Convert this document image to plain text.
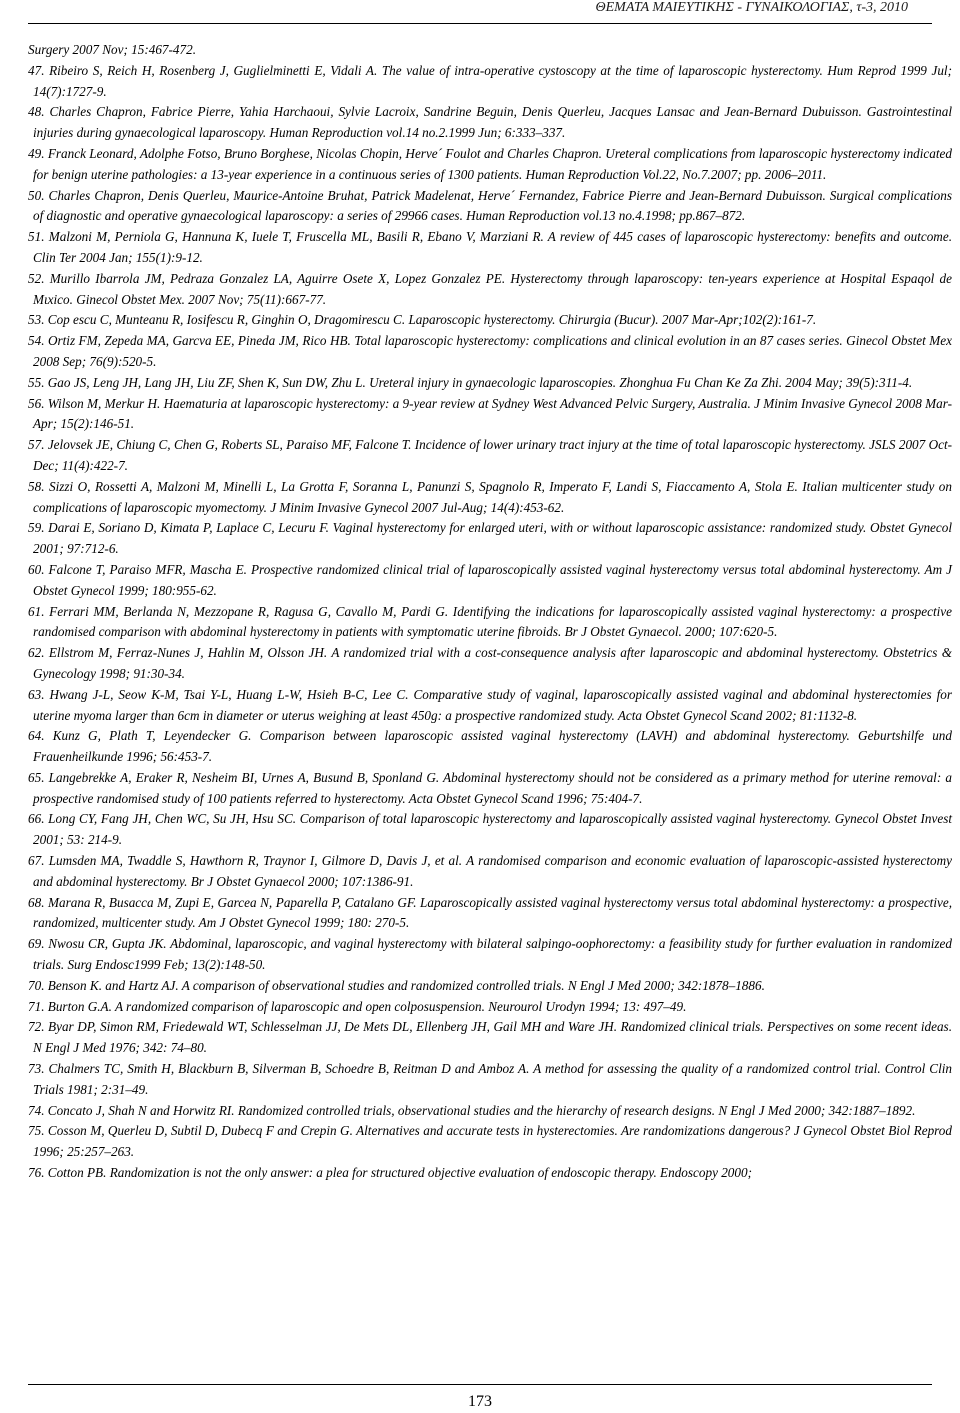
ΘΕΜΑΤΑ ΜΑΙΕΥΤΙΚΗΣ - ΓΥΝΑΙΚΟΛΟΓΙΑΣ, τ-3, 2010

Surgery 2007 Nov; 15:467-472.

47. Ribeiro S, Reich H, Rosenberg J, Guglielminetti E, Vidali A. The value of intra-operative cystoscopy at the time of laparoscopic hysterectomy. Hum Reprod 1999 Jul; 14(7):1727-9.

48. Charles Chapron, Fabrice Pierre, Yahia Harchaoui, Sylvie Lacroix, Sandrine Beguin, Denis Querleu, Jacques Lansac and Jean-Bernard Dubuisson. Gastrointestinal injuries during gynaecological laparoscopy. Human Reproduction vol.14 no.2.1999 Jun; 6:333–337.

49. Franck Leonard, Adolphe Fotso, Bruno Borghese, Nicolas Chopin, Herve´ Foulot and Charles Chapron. Ureteral complications from laparoscopic hysterectomy indicated for benign uterine pathologies: a 13-year experience in a continuous series of 1300 patients. Human Reproduction Vol.22, No.7.2007; pp. 2006–2011.

50. Charles Chapron, Denis Querleu, Maurice-Antoine Bruhat, Patrick Madelenat, Herve´ Fernandez, Fabrice Pierre and Jean-Bernard Dubuisson. Surgical complications of diagnostic and operative gynaecological laparoscopy: a series of 29966 cases. Human Reproduction vol.13 no.4.1998; pp.867–872.

51. Malzoni M, Perniola G, Hannuna K, Iuele T, Fruscella ML, Basili R, Ebano V, Marziani R. A review of 445 cases of laparoscopic hysterectomy: benefits and outcome. Clin Ter 2004 Jan; 155(1):9-12.

52. Murillo Ibarrola JM, Pedraza Gonzalez LA, Aguirre Osete X, Lopez Gonzalez PE. Hysterectomy through laparoscopy: ten-years experience at Hospital Espaqol de Mιxico. Ginecol Obstet Mex. 2007 Nov; 75(11):667-77.

53. Cop esсu C, Munteanu R, Iosifescu R, Ginghin O, Dragomirescu C. Laparoscopic hysterectomy. Chirurgia (Bucur). 2007 Mar-Apr;102(2):161-7.

54. Ortiz FM, Zepeda MA, Garcνa EE, Pineda JM, Rico HB. Total laparoscopic hysterectomy: complications and clinical evolution in an 87 cases series. Ginecol Obstet Mex 2008 Sep; 76(9):520-5.

55. Gao JS, Leng JH, Lang JH, Liu ZF, Shen K, Sun DW, Zhu L. Ureteral injury in gynaecologic laparoscopies. Zhonghua Fu Chan Ke Za Zhi. 2004 May; 39(5):311-4.

56. Wilson M, Merkur H. Haematuria at laparoscopic hysterectomy: a 9-year review at Sydney West Advanced Pelvic Surgery, Australia. J Minim Invasive Gynecol 2008 Mar-Apr; 15(2):146-51.

57. Jelovsek JE, Chiung C, Chen G, Roberts SL, Paraiso MF, Falcone T. Incidence of lower urinary tract injury at the time of total laparoscopic hysterectomy. JSLS 2007 Oct-Dec; 11(4):422-7.

58. Sizzi O, Rossetti A, Malzoni M, Minelli L, La Grotta F, Soranna L, Panunzi S, Spagnolo R, Imperato F, Landi S, Fiaccamento A, Stola E. Italian multicenter study on complications of laparoscopic myomectomy. J Minim Invasive Gynecol 2007 Jul-Aug; 14(4):453-62.

59. Darai E, Soriano D, Kimata P, Laplace C, Lecuru F. Vaginal hysterectomy for enlarged uteri, with or without laparoscopic assistance: randomized study. Obstet Gynecol 2001; 97:712-6.

60. Falcone T, Paraiso MFR, Mascha E. Prospective randomized clinical trial of laparoscopically assisted vaginal hysterectomy versus total abdominal hysterectomy. Am J Obstet Gynecol 1999; 180:955-62.

61. Ferrari MM, Berlanda N, Mezzopane R, Ragusa G, Cavallo M, Pardi G. Identifying the indications for laparoscopically assisted vaginal hysterectomy: a prospective randomised comparison with abdominal hysterectomy in patients with symptomatic uterine fibroids. Br J Obstet Gynaecol. 2000; 107:620-5.

62. Ellstrom M, Ferraz-Nunes J, Hahlin M, Olsson JH. A randomized trial with a cost-consequence analysis after laparoscopic and abdominal hysterectomy. Obstetrics & Gynecology 1998; 91:30-34.

63. Hwang J-L, Seow K-M, Tsai Y-L, Huang L-W, Hsieh B-C, Lee C. Comparative study of vaginal, laparoscopically assisted vaginal and abdominal hysterectomies for uterine myoma larger than 6cm in diameter or uterus weighing at least 450g: a prospective randomized study. Acta Obstet Gynecol Scand 2002; 81:1132-8.

64. Kunz G, Plath T, Leyendecker G. Comparison between laparoscopic assisted vaginal hysterectomy (LAVH) and abdominal hysterectomy. Geburtshilfe und Frauenheilkunde 1996; 56:453-7.

65. Langebrekke A, Eraker R, Nesheim BI, Urnes A, Busund B, Sponland G. Abdominal hysterectomy should not be considered as a primary method for uterine removal: a prospective randomised study of 100 patients referred to hysterectomy. Acta Obstet Gynecol Scand 1996; 75:404-7.

66. Long CY, Fang JH, Chen WC, Su JH, Hsu SC. Comparison of total laparoscopic hysterectomy and laparoscopically assisted vaginal hysterectomy. Gynecol Obstet Invest 2001; 53: 214-9.

67. Lumsden MA, Twaddle S, Hawthorn R, Traynor I, Gilmore D, Davis J, et al. A randomised comparison and economic evaluation of laparoscopic-assisted hysterectomy and abdominal hysterectomy. Br J Obstet Gynaecol 2000; 107:1386-91.

68. Marana R, Busacca M, Zupi E, Garcea N, Paparella P, Catalano GF. Laparoscopically assisted vaginal hysterectomy versus total abdominal hysterectomy: a prospective, randomized, multicenter study. Am J Obstet Gynecol 1999; 180: 270-5.

69. Nwosu CR, Gupta JK. Abdominal, laparoscopic, and vaginal hysterectomy with bilateral salpingo-oophorectomy: a feasibility study for further evaluation in randomized trials. Surg Endosc1999 Feb; 13(2):148-50.

70. Benson K. and Hartz AJ. A comparison of observational studies and randomized controlled trials. N Engl J Med 2000; 342:1878–1886.

71. Burton G.A. A randomized comparison of laparoscopic and open colposuspension. Neurourol Urodyn 1994; 13: 497–49.

72. Byar DP, Simon RM, Friedewald WT, Schlesselman JJ, De Mets DL, Ellenberg JH, Gail MH and Ware JH. Randomized clinical trials. Perspectives on some recent ideas. N Engl J Med 1976; 342: 74–80.

73. Chalmers TC, Smith H, Blackburn B, Silverman B, Schoedre B, Reitman D and Amboz A. A method for assessing the quality of a randomized control trial. Control Clin Trials 1981; 2:31–49.

74. Concato J, Shah N and Horwitz RI. Randomized controlled trials, observational studies and the hierarchy of research designs. N Engl J Med 2000; 342:1887–1892.

75. Cosson M, Querleu D, Subtil D, Dubecq F and Crepin G. Alternatives and accurate tests in hysterectomies. Are randomizations dangerous? J Gynecol Obstet Biol Reprod 1996; 25:257–263.

76. Cotton PB. Randomization is not the only answer: a plea for structured objective evaluation of endoscopic therapy. Endoscopy 2000;

173
